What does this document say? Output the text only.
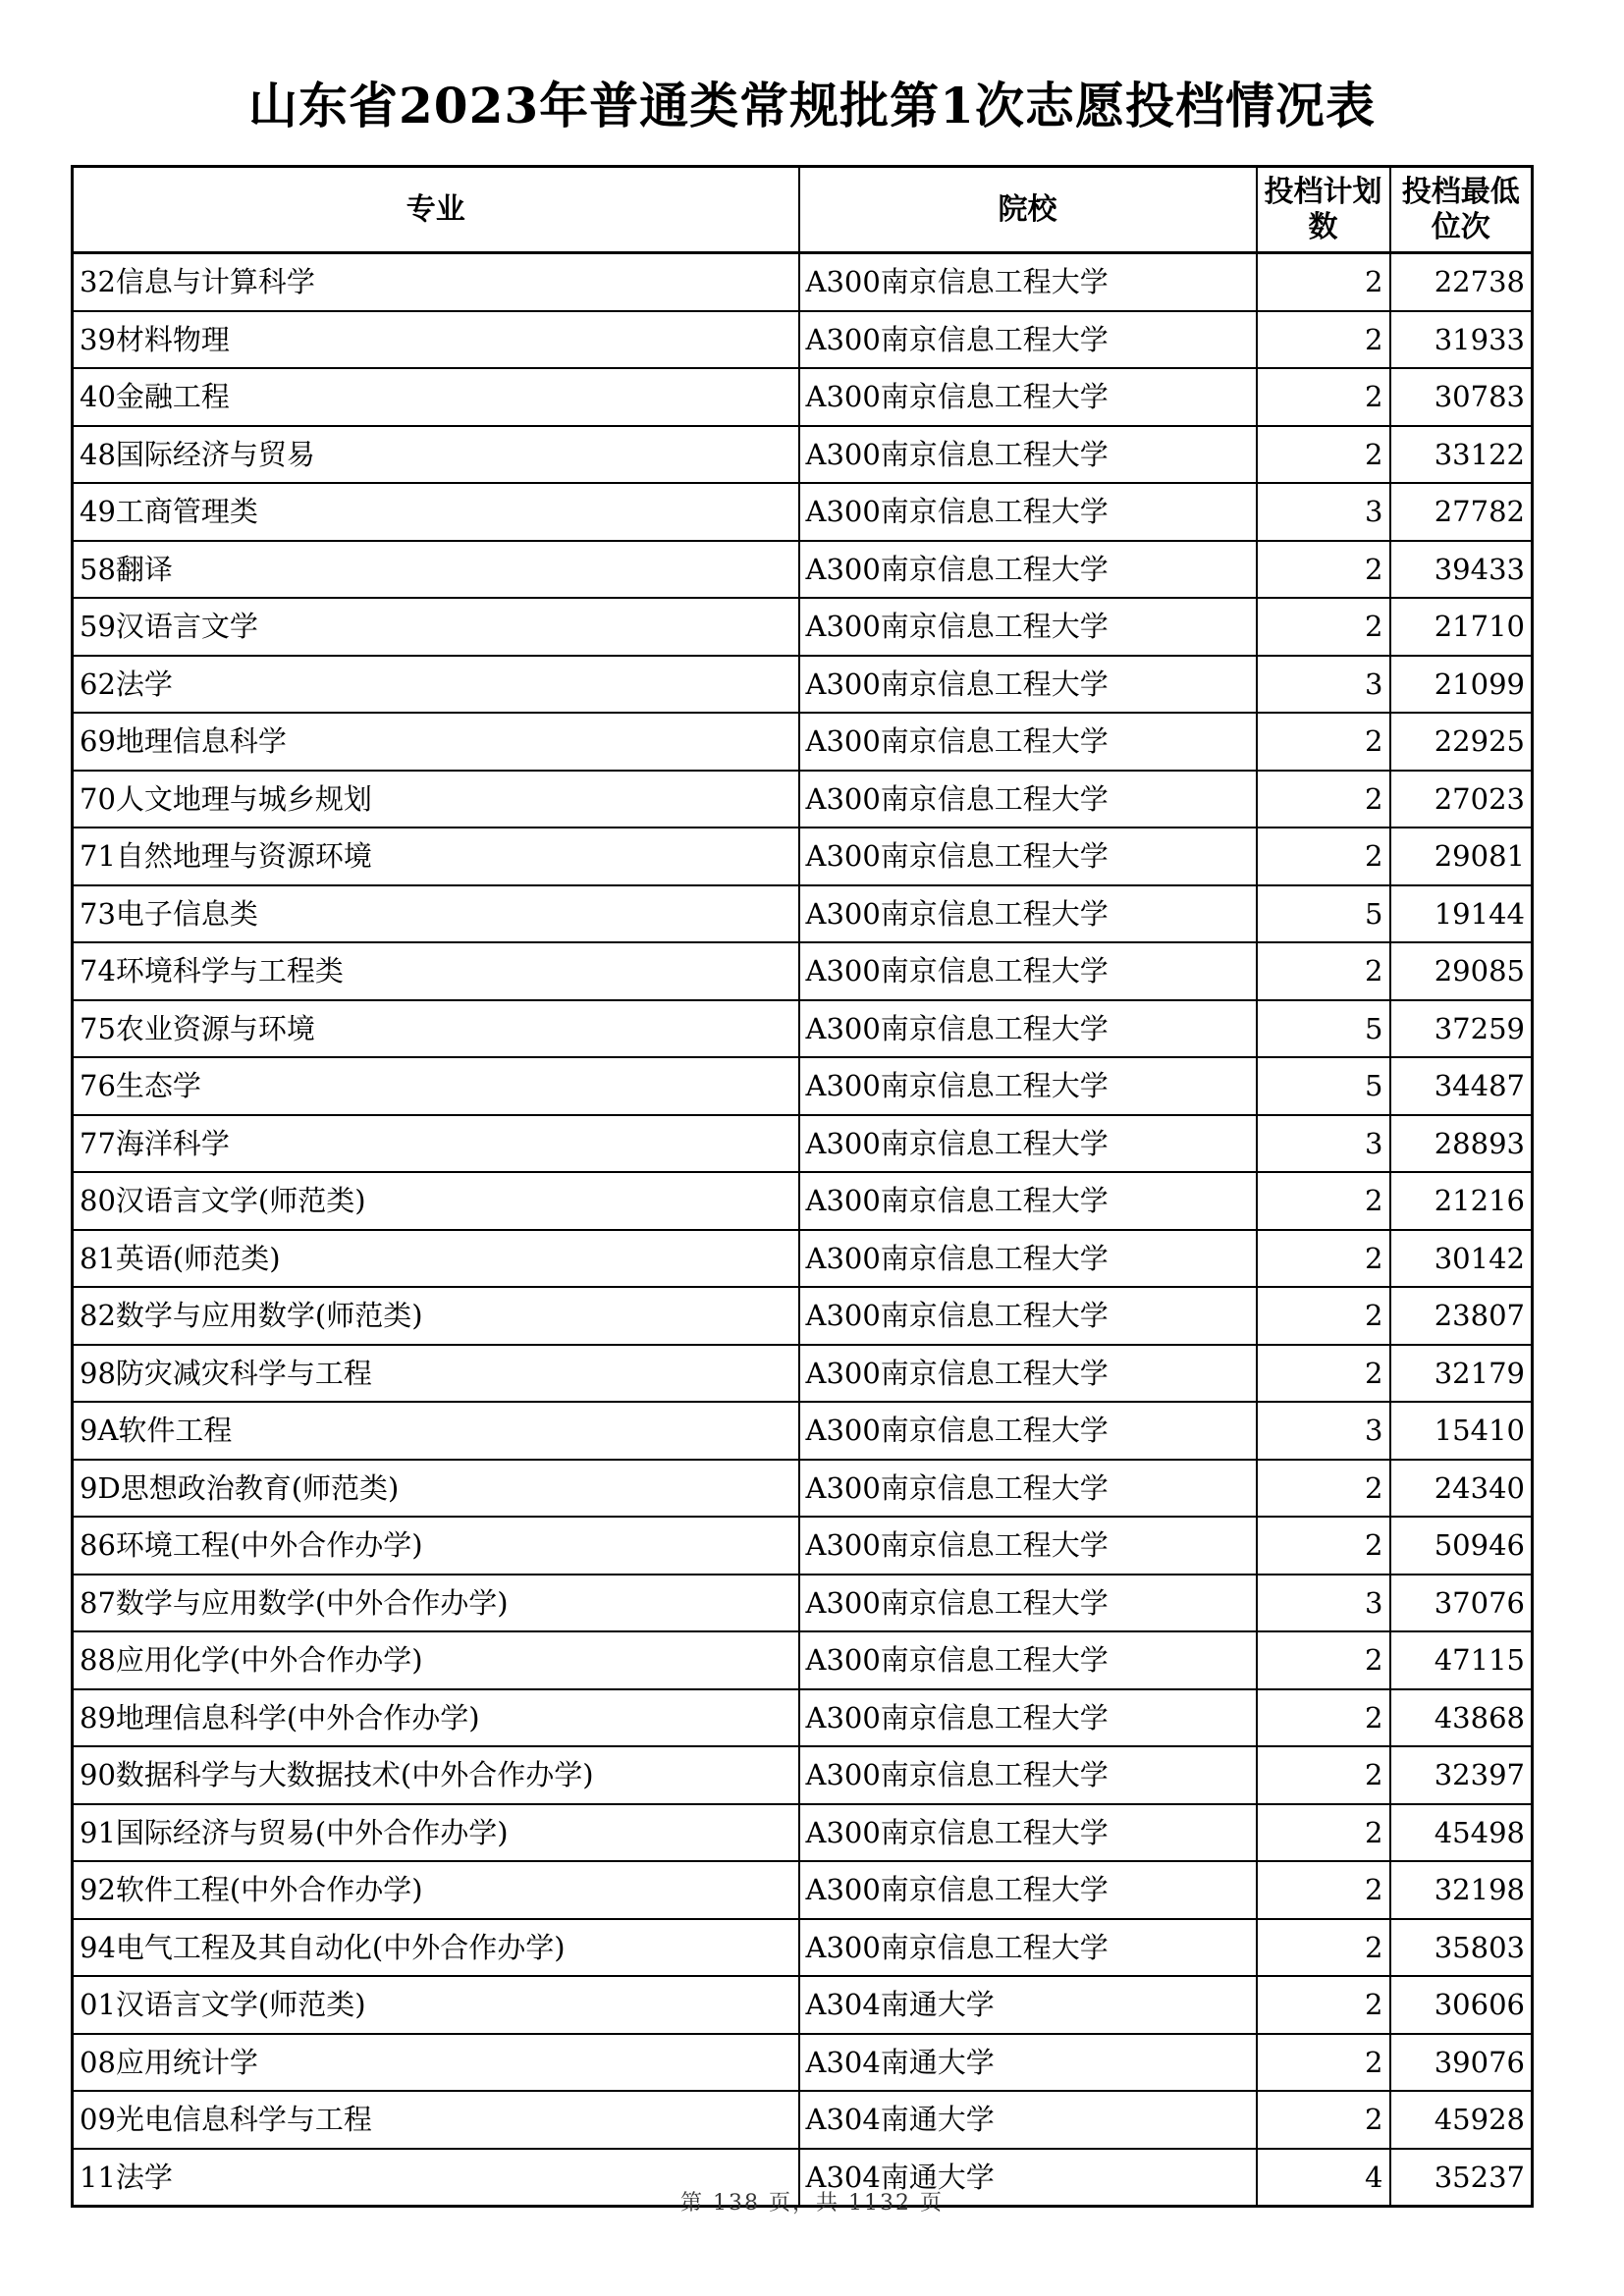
山东省2023年普通类常规批第1次志愿投档情况表
专业	院校	投档计划数	投档最低位次
32信息与计算科学	A300南京信息工程大学	2	22738
39材料物理	A300南京信息工程大学	2	31933
40金融工程	A300南京信息工程大学	2	30783
48国际经济与贸易	A300南京信息工程大学	2	33122
49工商管理类	A300南京信息工程大学	3	27782
58翻译	A300南京信息工程大学	2	39433
59汉语言文学	A300南京信息工程大学	2	21710
62法学	A300南京信息工程大学	3	21099
69地理信息科学	A300南京信息工程大学	2	22925
70人文地理与城乡规划	A300南京信息工程大学	2	27023
71自然地理与资源环境	A300南京信息工程大学	2	29081
73电子信息类	A300南京信息工程大学	5	19144
74环境科学与工程类	A300南京信息工程大学	2	29085
75农业资源与环境	A300南京信息工程大学	5	37259
76生态学	A300南京信息工程大学	5	34487
77海洋科学	A300南京信息工程大学	3	28893
80汉语言文学(师范类)	A300南京信息工程大学	2	21216
81英语(师范类)	A300南京信息工程大学	2	30142
82数学与应用数学(师范类)	A300南京信息工程大学	2	23807
98防灾减灾科学与工程	A300南京信息工程大学	2	32179
9A软件工程	A300南京信息工程大学	3	15410
9D思想政治教育(师范类)	A300南京信息工程大学	2	24340
86环境工程(中外合作办学)	A300南京信息工程大学	2	50946
87数学与应用数学(中外合作办学)	A300南京信息工程大学	3	37076
88应用化学(中外合作办学)	A300南京信息工程大学	2	47115
89地理信息科学(中外合作办学)	A300南京信息工程大学	2	43868
90数据科学与大数据技术(中外合作办学)	A300南京信息工程大学	2	32397
91国际经济与贸易(中外合作办学)	A300南京信息工程大学	2	45498
92软件工程(中外合作办学)	A300南京信息工程大学	2	32198
94电气工程及其自动化(中外合作办学)	A300南京信息工程大学	2	35803
01汉语言文学(师范类)	A304南通大学	2	30606
08应用统计学	A304南通大学	2	39076
09光电信息科学与工程	A304南通大学	2	45928
11法学	A304南通大学	4	35237
第 138 页，共 1132 页
